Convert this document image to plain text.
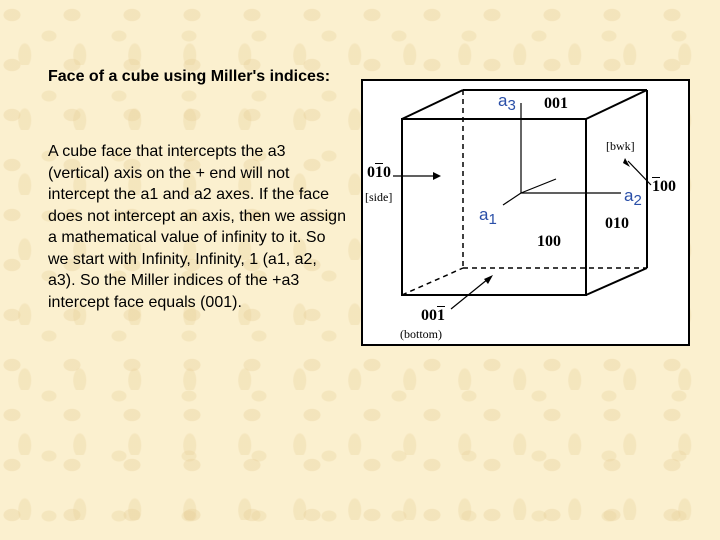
Face of a cube using Miller's indices:
A cube face that intercepts the a3 (vertical) axis on the + end will not intercept the a1 and a2 axes. If the face does not intercept an axis, then we assign a mathematical value of infinity to it. So we start with Infinity, Infinity, 1 (a1, a2, a3). So the Miller indices of the +a3 intercept face equals (001).
$a_3$
$a_1$
$a_2$
001
010
[side]
[bwk]
100
010
100
001
(bottom)
